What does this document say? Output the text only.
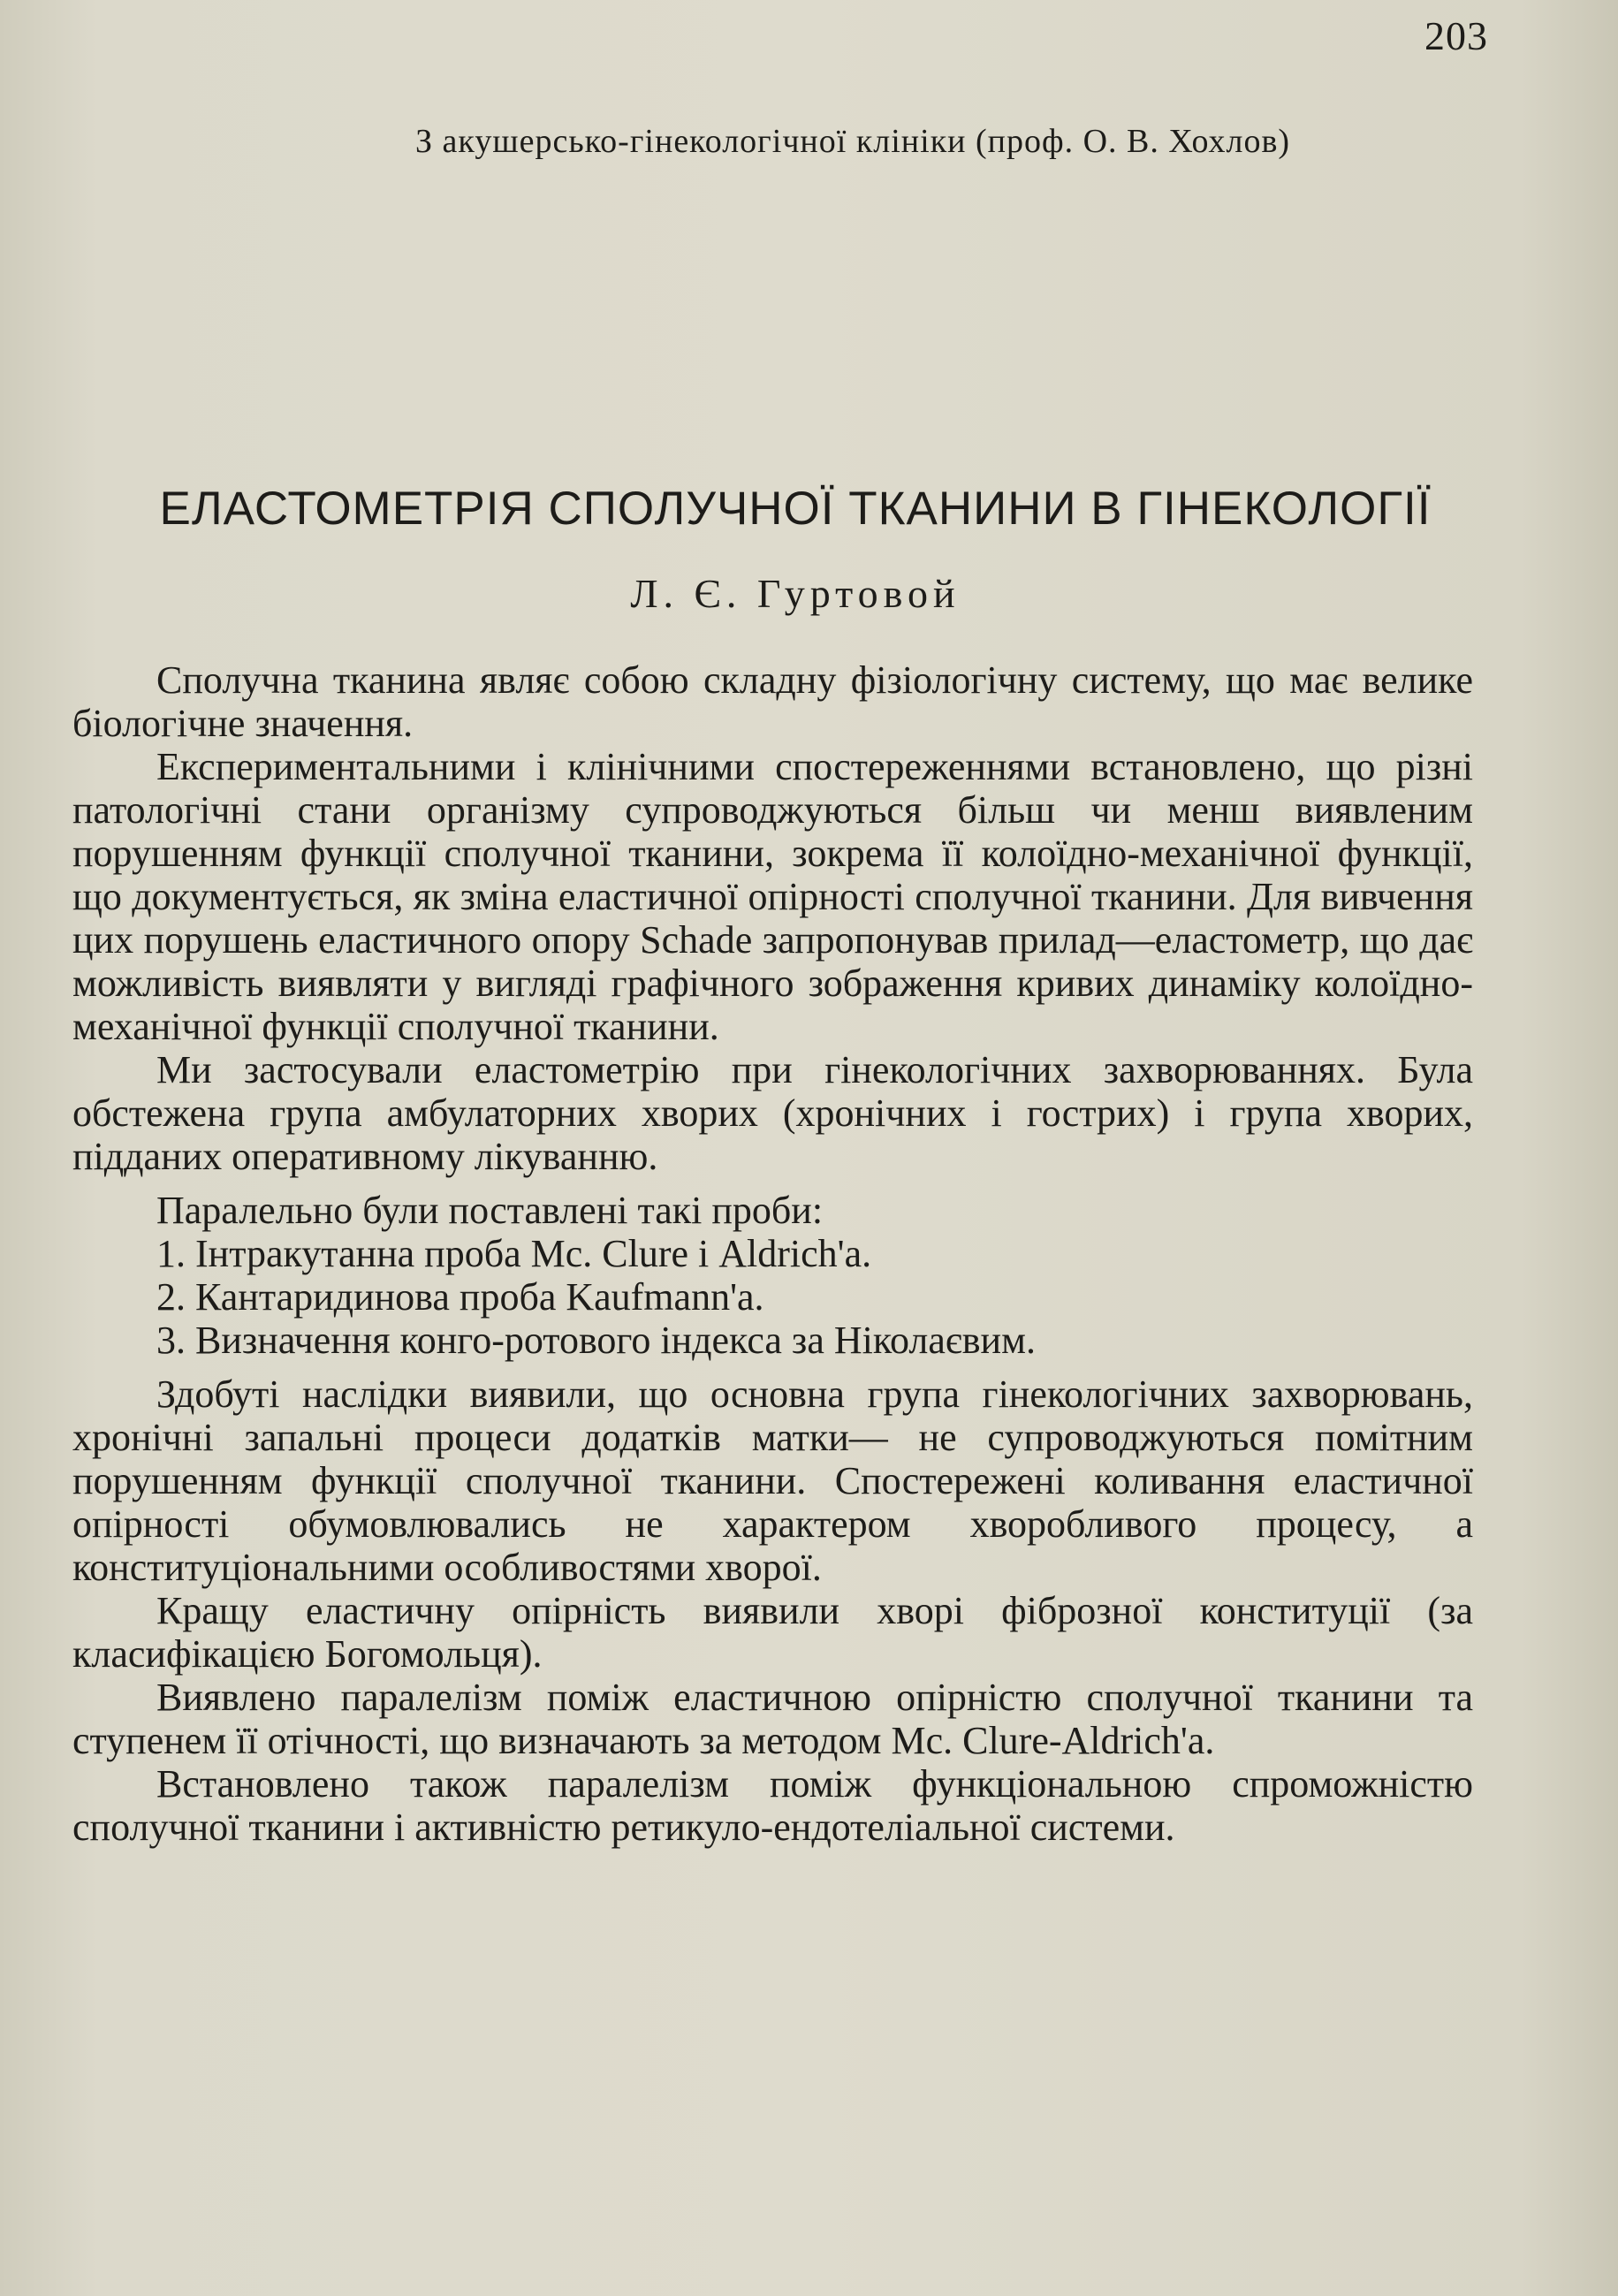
203
З акушерсько-гінекологічної клініки (проф. О. В. Хохлов)
ЕЛАСТОМЕТРІЯ СПОЛУЧНОЇ ТКАНИНИ В ГІНЕКОЛОГІЇ
Л. Є. Гуртовой

Сполучна тканина являє собою складну фізіологічну систему, що має велике біологічне значення.

Експериментальними і клінічними спостереженнями встановлено, що різні патологічні стани організму супроводжуються більш чи менш виявленим порушенням функції сполучної тканини, зокрема її колоїдно-механічної функції, що документується, як зміна еластичної опірності сполучної тканини. Для вивчення цих порушень еластичного опору Schade запропонував прилад—еластометр, що дає можливість виявляти у вигляді графічного зображення кривих динаміку колоїдно-механічної функції сполучної тканини.

Ми застосували еластометрію при гінекологічних захворюваннях. Була обстежена група амбулаторних хворих (хронічних і гострих) і група хворих, підданих оперативному лікуванню.

Паралельно були поставлені такі проби:

1. Інтракутанна проба Mc. Clure і Aldrich'a.
2. Кантаридинова проба Kaufmann'a.
3. Визначення конго-ротового індекса за Ніколаєвим.

Здобуті наслідки виявили, що основна група гінекологічних захворювань, хронічні запальні процеси додатків матки— не супроводжуються помітним порушенням функції сполучної тканини. Спостережені коливання еластичної опірності обумовлювались не характером хворобливого процесу, а конституціональними особливостями хворої.

Кращу еластичну опірність виявили хворі фіброзної конституції (за класифікацією Богомольця).

Виявлено паралелізм поміж еластичною опірністю сполучної тканини та ступенем її отічності, що визначають за методом Mc. Clure-Aldrich'a.

Встановлено також паралелізм поміж функціональною спроможністю сполучної тканини і активністю ретикуло-ендотеліальної системи.
